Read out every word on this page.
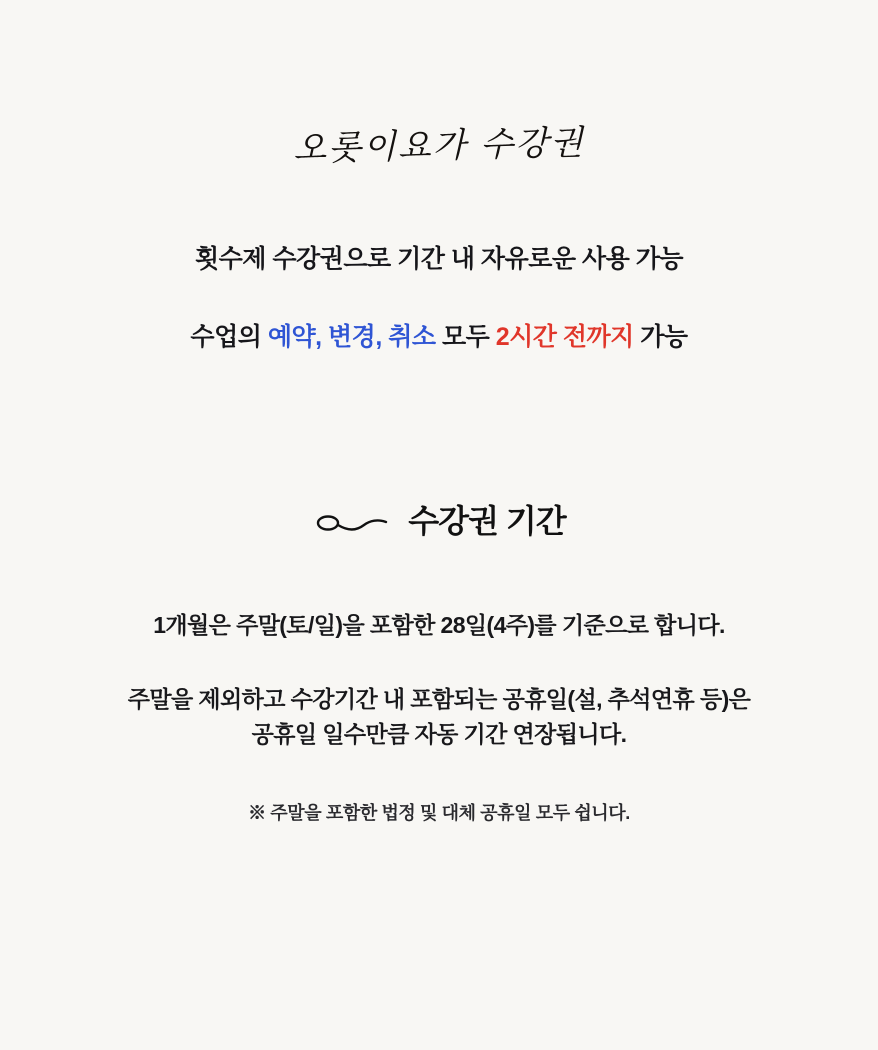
오롯이요가 수강권
횟수제 수강권으로 기간 내 자유로운 사용 가능
수업의 예약, 변경, 취소 모두 2시간 전까지 가능
수강권 기간
1개월은 주말(토/일)을 포함한 28일(4주)를 기준으로 합니다.
주말을 제외하고 수강기간 내 포함되는 공휴일(설, 추석연휴 등)은
공휴일 일수만큼 자동 기간 연장됩니다.
※ 주말을 포함한 법정 및 대체 공휴일 모두 쉽니다.
